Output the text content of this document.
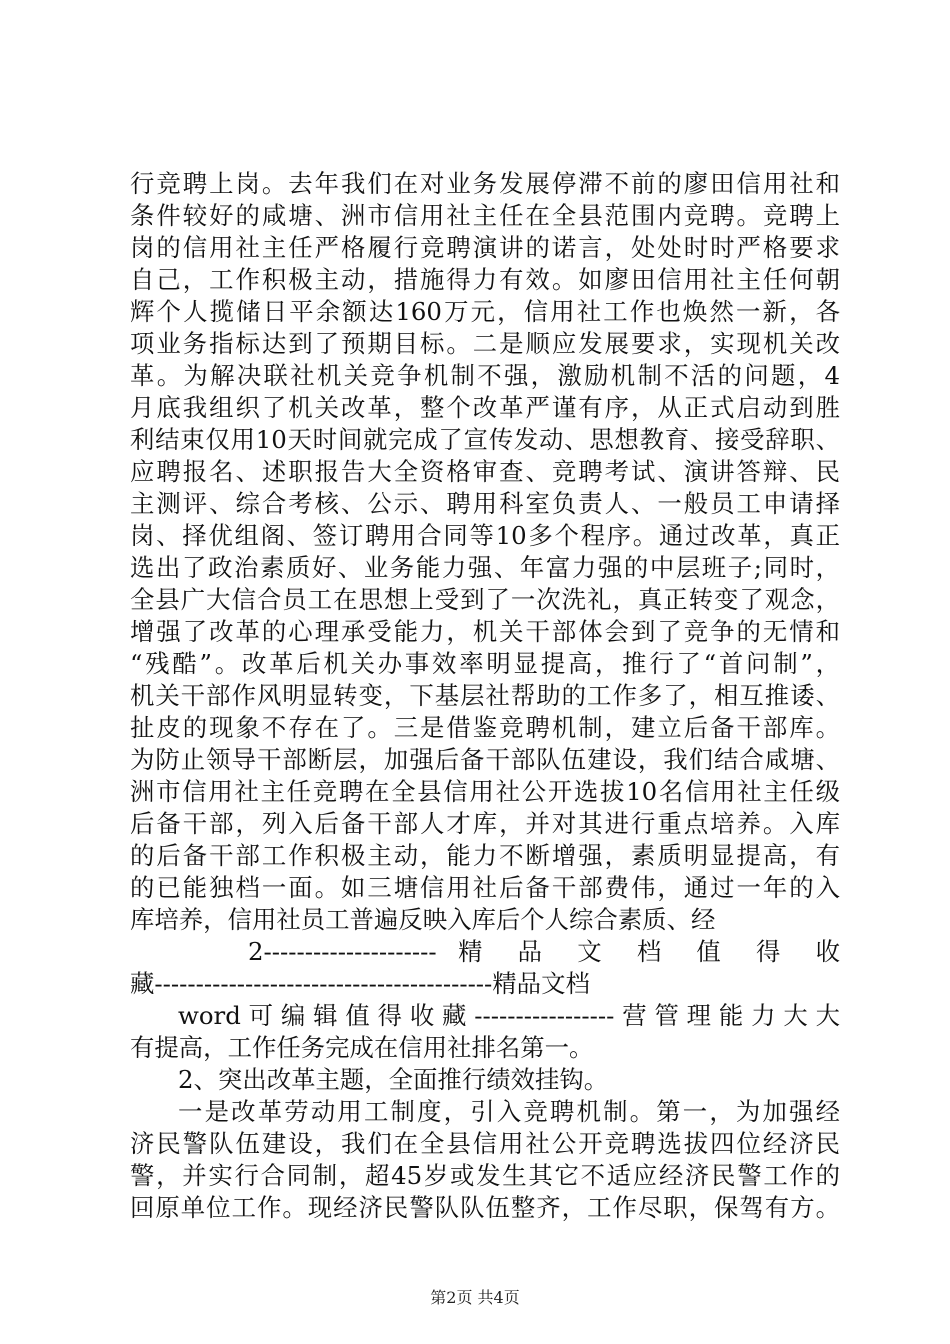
行竞聘上岗。去年我们在对业务发展停滞不前的廖田信用社和
条件较好的咸塘、洲市信用社主任在全县范围内竞聘。竞聘上
岗的信用社主任严格履行竞聘演讲的诺言，处处时时严格要求
自己，工作积极主动，措施得力有效。如廖田信用社主任何朝
辉个人揽储日平余额达160万元，信用社工作也焕然一新，各
项业务指标达到了预期目标。二是顺应发展要求，实现机关改
革。为解决联社机关竞争机制不强，激励机制不活的问题，4
月底我组织了机关改革，整个改革严谨有序，从正式启动到胜
利结束仅用10天时间就完成了宣传发动、思想教育、接受辞职、
应聘报名、述职报告大全资格审查、竞聘考试、演讲答辩、民
主测评、综合考核、公示、聘用科室负责人、一般员工申请择
岗、择优组阁、签订聘用合同等10多个程序。通过改革，真正
选出了政治素质好、业务能力强、年富力强的中层班子;同时，
全县广大信合员工在思想上受到了一次洗礼，真正转变了观念，
增强了改革的心理承受能力，机关干部体会到了竞争的无情和
“残酷”。改革后机关办事效率明显提高，推行了“首问制”，
机关干部作风明显转变，下基层社帮助的工作多了，相互推诿、
扯皮的现象不存在了。三是借鉴竞聘机制，建立后备干部库。
为防止领导干部断层，加强后备干部队伍建设，我们结合咸塘、
洲市信用社主任竞聘在全县信用社公开选拔10名信用社主任级
后备干部，列入后备干部人才库，并对其进行重点培养。入库
的后备干部工作积极主动，能力不断增强，素质明显提高，有
的已能独档一面。如三塘信用社后备干部费伟，通过一年的入
库培养，信用社员工普遍反映入库后个人综合素质、经
2--------------------- 精 品 文 档 值 得 收
藏-----------------------------------------精品文档
word可编辑值得收藏-----------------营管理能力大大
有提高，工作任务完成在信用社排名第一。
2、突出改革主题，全面推行绩效挂钩。
一是改革劳动用工制度，引入竞聘机制。第一，为加强经
济民警队伍建设，我们在全县信用社公开竞聘选拔四位经济民
警，并实行合同制，超45岁或发生其它不适应经济民警工作的
回原单位工作。现经济民警队队伍整齐，工作尽职，保驾有方。
第2页 共4页
